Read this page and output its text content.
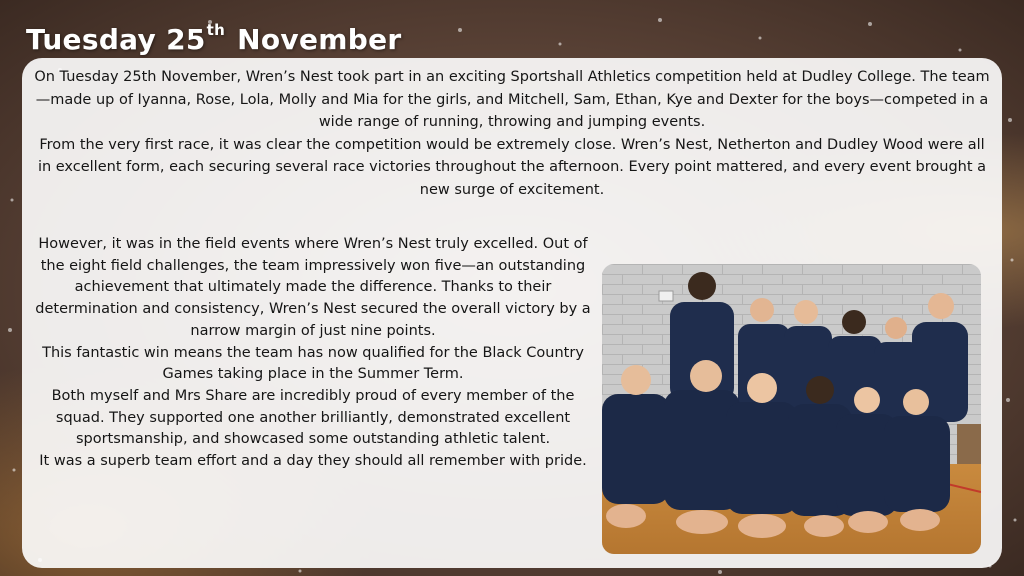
Tuesday 25th November

On Tuesday 25th November, Wren’s Nest took part in an exciting Sportshall Athletics competition held at Dudley College. The team—made up of Iyanna, Rose, Lola, Molly and Mia for the girls, and Mitchell, Sam, Ethan, Kye and Dexter for the boys—competed in a wide range of running, throwing and jumping events.

From the very first race, it was clear the competition would be extremely close. Wren’s Nest, Netherton and Dudley Wood were all in excellent form, each securing several race victories throughout the afternoon. Every point mattered, and every event brought a new surge of excitement.

However, it was in the field events where Wren’s Nest truly excelled. Out of the eight field challenges, the team impressively won five—an outstanding achievement that ultimately made the difference. Thanks to their determination and consistency, Wren’s Nest secured the overall victory by a narrow margin of just nine points.

This fantastic win means the team has now qualified for the Black Country Games taking place in the Summer Term.

Both myself and Mrs Share are incredibly proud of every member of the squad. They supported one another brilliantly, demonstrated excellent sportsmanship, and showcased some outstanding athletic talent.

It was a superb team effort and a day they should all remember with pride.
